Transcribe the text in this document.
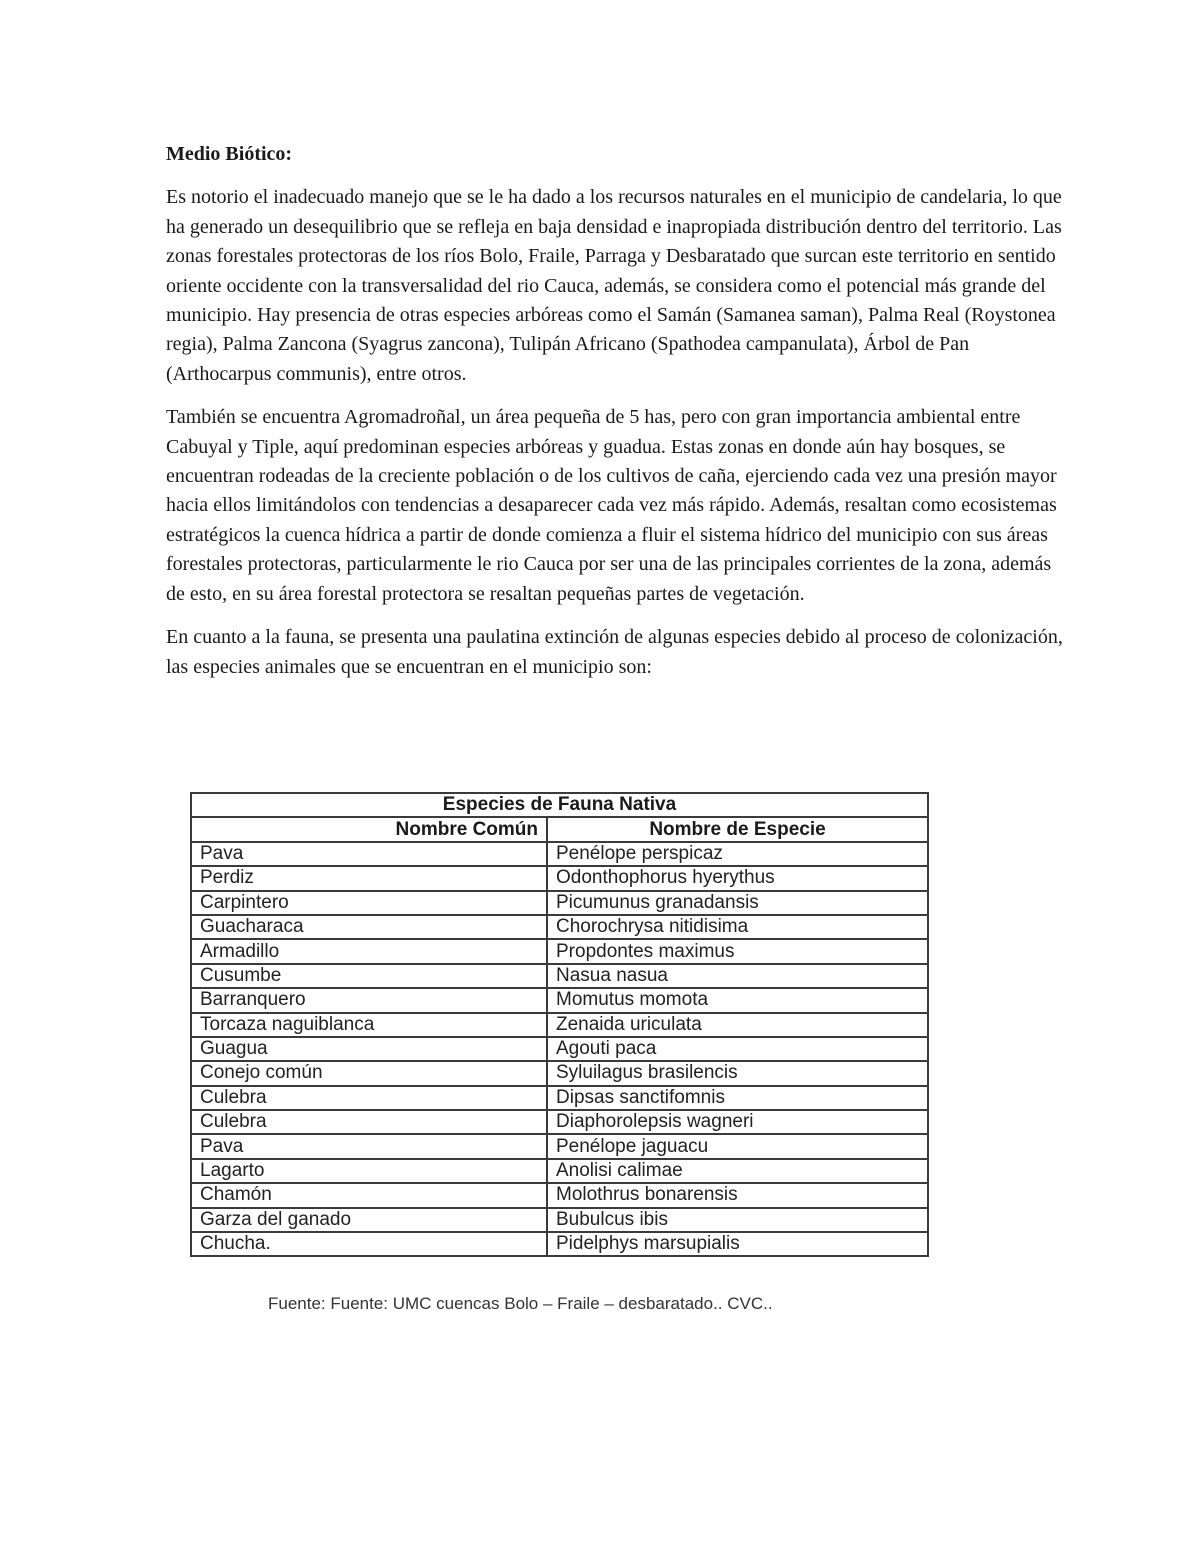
Medio Biótico:

Es notorio el inadecuado manejo que se le ha dado a los recursos naturales en el municipio de candelaria, lo que ha generado un desequilibrio que se refleja en baja densidad e inapropiada distribución dentro del territorio. Las zonas forestales protectoras de los ríos Bolo, Fraile, Parraga y Desbaratado que surcan este territorio en sentido oriente occidente con la transversalidad del rio Cauca, además, se considera como el potencial más grande del municipio. Hay presencia de otras especies arbóreas como el Samán (Samanea saman), Palma Real (Roystonea regia), Palma Zancona (Syagrus zancona), Tulipán Africano (Spathodea campanulata), Árbol de Pan (Arthocarpus communis), entre otros.

También se encuentra Agromadroñal, un área pequeña de 5 has, pero con gran importancia ambiental entre Cabuyal y Tiple, aquí predominan especies arbóreas y guadua. Estas zonas en donde aún hay bosques, se encuentran rodeadas de la creciente población o de los cultivos de caña, ejerciendo cada vez una presión mayor hacia ellos limitándolos con tendencias a desaparecer cada vez más rápido. Además, resaltan como ecosistemas estratégicos la cuenca hídrica a partir de donde comienza a fluir el sistema hídrico del municipio con sus áreas forestales protectoras, particularmente le rio Cauca por ser una de las principales corrientes de la zona, además de esto, en su área forestal protectora se resaltan pequeñas partes de vegetación.

En cuanto a la fauna, se presenta una paulatina extinción de algunas especies debido al proceso de colonización, las especies animales que se encuentran en el municipio son:

Especies de Fauna Nativa	
Nombre Común	Nombre de Especie
Pava	Penélope perspicaz
Perdiz	Odonthophorus hyerythus
Carpintero	Picumunus granadansis
Guacharaca	Chorochrysa nitidisima
Armadillo	Propdontes maximus
Cusumbe	Nasua nasua
Barranquero	Momutus momota
Torcaza naguiblanca	Zenaida uriculata
Guagua	Agouti paca
Conejo común	Syluilagus brasilencis
Culebra	Dipsas sanctifomnis
Culebra	Diaphorolepsis wagneri
Pava	Penélope jaguacu
Lagarto	Anolisi calimae
Chamón	Molothrus bonarensis
Garza del ganado	Bubulcus ibis
Chucha.	Pidelphys marsupialis
Fuente: Fuente: UMC cuencas Bolo – Fraile – desbaratado.. CVC..
